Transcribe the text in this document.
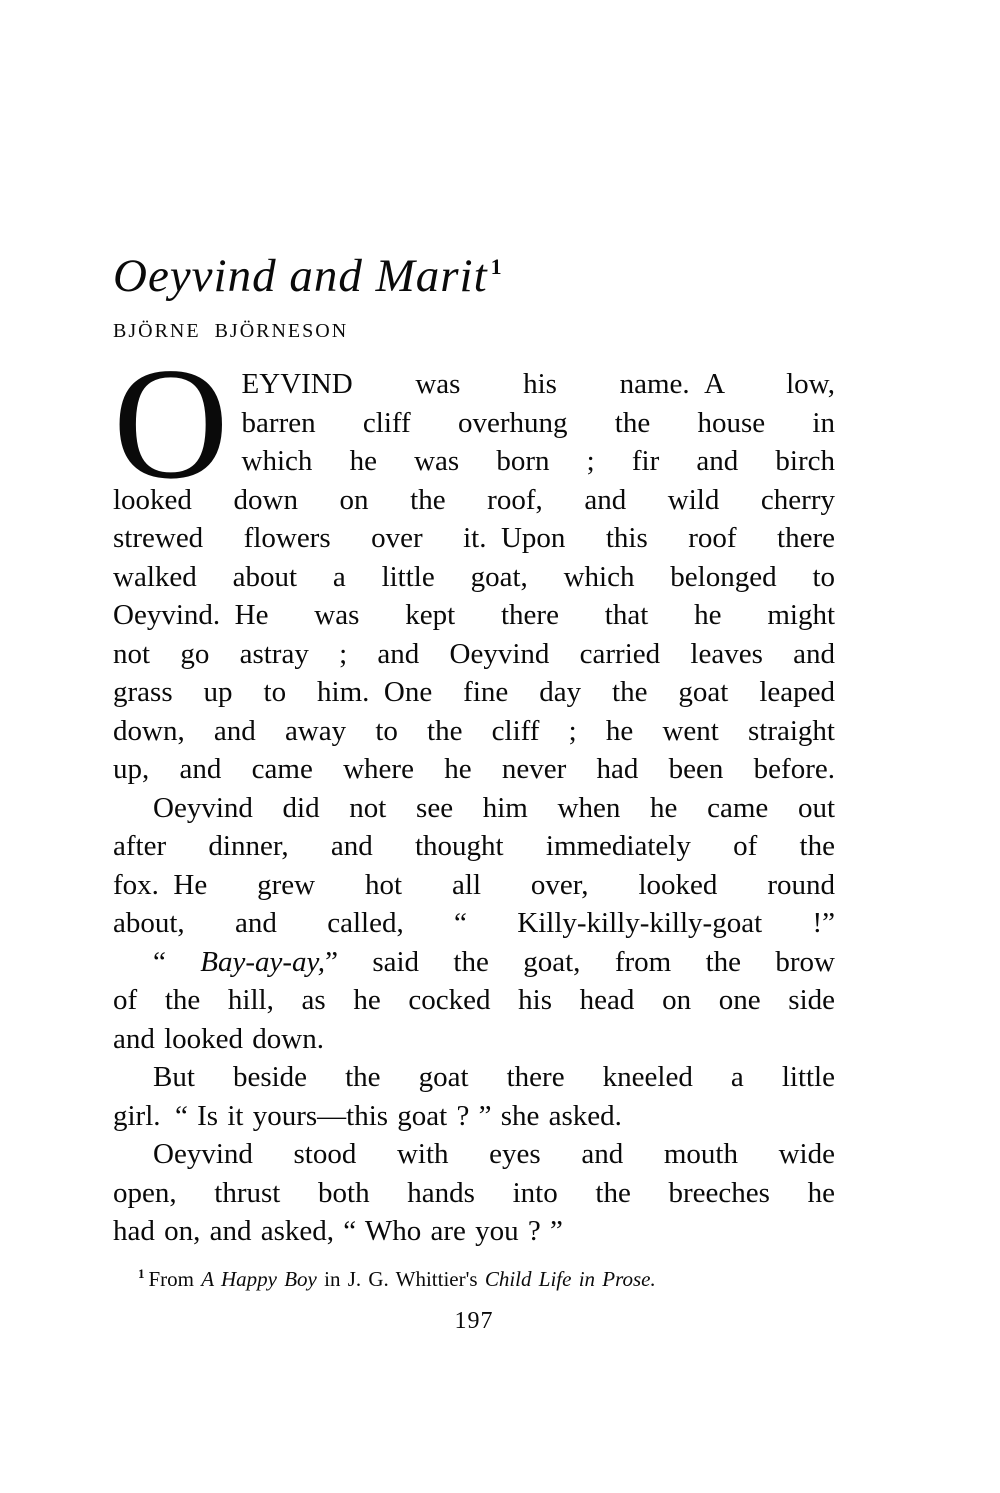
Oeyvind and Marit $^1$
BJÖRNE BJÖRNESON
O EYVIND was his name. A low,
barren cliff overhung the house in
which he was born ; fir and birch
looked down on the roof, and wild cherry
strewed flowers over it. Upon this roof there
walked about a little goat, which belonged to
Oeyvind. He was kept there that he might
not go astray ; and Oeyvind carried leaves and
grass up to him. One fine day the goat leaped
down, and away to the cliff ; he went straight
up, and came where he never had been before.
Oeyvind did not see him when he came out
after dinner, and thought immediately of the
fox. He grew hot all over, looked round
about, and called, “ Killy-killy-killy-goat !”
“ Bay-ay-ay,” said the goat, from the brow
of the hill, as he cocked his head on one side
and looked down.
But beside the goat there kneeled a little
girl. “ Is it yours—this goat ? ” she asked.
Oeyvind stood with eyes and mouth wide
open, thrust both hands into the breeches he
had on, and asked, “ Who are you ? ”
$^1$ From A Happy Boy in J. G. Whittier's Child Life in Prose.
197
